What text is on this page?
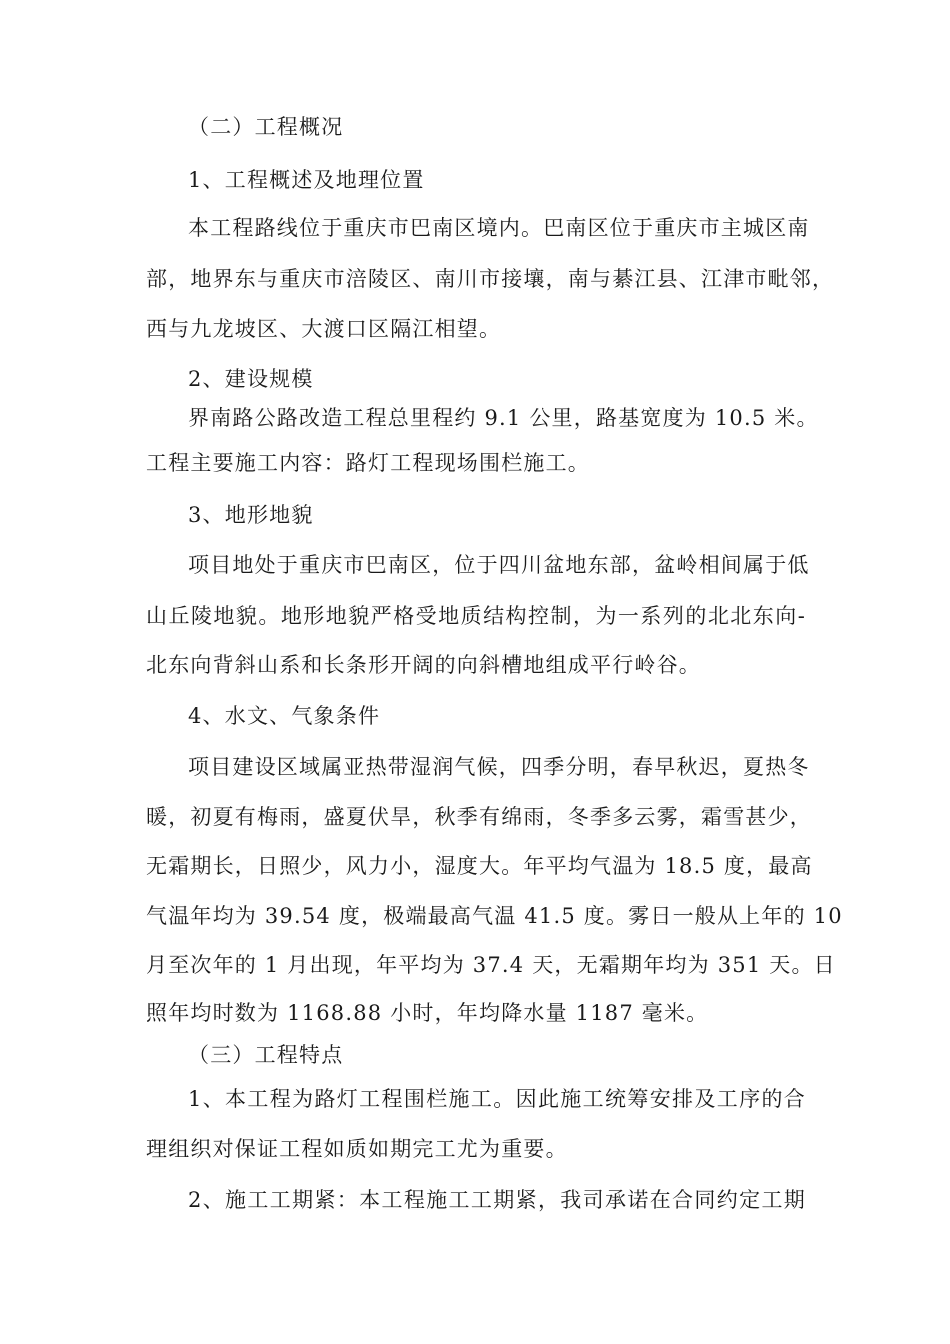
（二）工程概况
1、工程概述及地理位置
本工程路线位于重庆市巴南区境内。巴南区位于重庆市主城区南
部，地界东与重庆市涪陵区、南川市接壤，南与綦江县、江津市毗邻，
西与九龙坡区、大渡口区隔江相望。
2、建设规模
界南路公路改造工程总里程约 9.1 公里，路基宽度为 10.5 米。
工程主要施工内容：路灯工程现场围栏施工。
3、地形地貌
项目地处于重庆市巴南区，位于四川盆地东部，盆岭相间属于低
山丘陵地貌。地形地貌严格受地质结构控制，为一系列的北北东向-
北东向背斜山系和长条形开阔的向斜槽地组成平行岭谷。
4、水文、气象条件
项目建设区域属亚热带湿润气候，四季分明，春早秋迟，夏热冬
暖，初夏有梅雨，盛夏伏旱，秋季有绵雨，冬季多云雾，霜雪甚少，
无霜期长，日照少，风力小，湿度大。年平均气温为 18.5 度，最高
气温年均为 39.54 度，极端最高气温 41.5 度。雾日一般从上年的 10
月至次年的 1 月出现，年平均为 37.4 天，无霜期年均为 351 天。日
照年均时数为 1168.88 小时，年均降水量 1187 毫米。
（三）工程特点
1、本工程为路灯工程围栏施工。因此施工统筹安排及工序的合
理组织对保证工程如质如期完工尤为重要。
2、施工工期紧：本工程施工工期紧，我司承诺在合同约定工期
